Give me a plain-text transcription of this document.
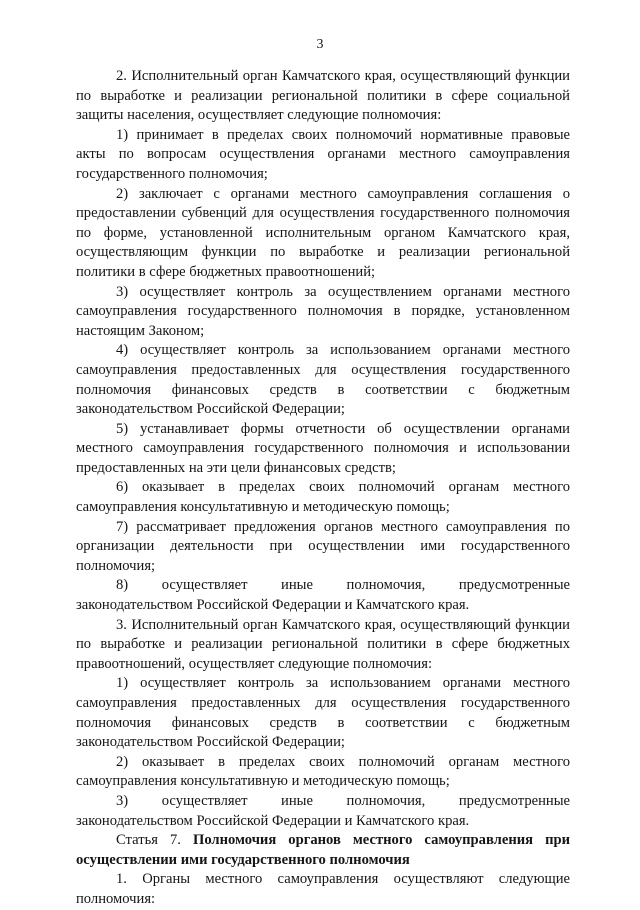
3

2. Исполнительный орган Камчатского края, осуществляющий функции по выработке и реализации региональной политики в сфере социальной защиты населения, осуществляет следующие полномочия:

1) принимает в пределах своих полномочий нормативные правовые акты по вопросам осуществления органами местного самоуправления государственного полномочия;

2) заключает с органами местного самоуправления соглашения о предоставлении субвенций для осуществления государственного полномочия по форме, установленной исполнительным органом Камчатского края, осуществляющим функции по выработке и реализации региональной политики в сфере бюджетных правоотношений;

3) осуществляет контроль за осуществлением органами местного самоуправления государственного полномочия в порядке, установленном настоящим Законом;

4) осуществляет контроль за использованием органами местного самоуправления предоставленных для осуществления государственного полномочия финансовых средств в соответствии с бюджетным законодательством Российской Федерации;

5) устанавливает формы отчетности об осуществлении органами местного самоуправления государственного полномочия и использовании предоставленных на эти цели финансовых средств;

6) оказывает в пределах своих полномочий органам местного самоуправления консультативную и методическую помощь;

7) рассматривает предложения органов местного самоуправления по организации деятельности при осуществлении ими государственного полномочия;

8) осуществляет иные полномочия, предусмотренные законодательством Российской Федерации и Камчатского края.

3. Исполнительный орган Камчатского края, осуществляющий функции по выработке и реализации региональной политики в сфере бюджетных правоотношений, осуществляет следующие полномочия:

1) осуществляет контроль за использованием органами местного самоуправления предоставленных для осуществления государственного полномочия финансовых средств в соответствии с бюджетным законодательством Российской Федерации;

2) оказывает в пределах своих полномочий органам местного самоуправления консультативную и методическую помощь;

3) осуществляет иные полномочия, предусмотренные законодательством Российской Федерации и Камчатского края.

Статья 7. Полномочия органов местного самоуправления при осуществлении ими государственного полномочия

1. Органы местного самоуправления осуществляют следующие полномочия:
